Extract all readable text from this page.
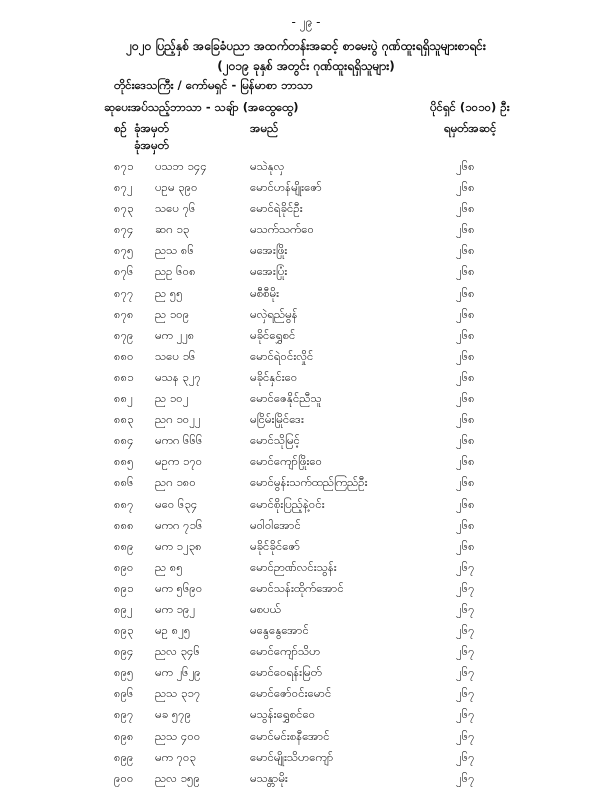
- ၂၉ -
၂၀၂၀ ပြည့်နှစ် အခြေခံပညာ အထက်တန်းအဆင့် စာမေးပွဲ ဂုဏ်ထူးရရှိသူများစာရင်း
(၂၀၁၉ ခုနှစ် အတွင်း ဂုဏ်ထူးရရှိသူများ)
တိုင်းဒေသကြီး / ကော်မရှင် - မြန်မာစာ ဘာသာ
ဆုပေးအပ်သည့်ဘာသာ - သချ်ာ (အထွေထွေ)	ပိုင်ရှင် (၁၀၁၀) ဦး
စဉ် ခုံအမှတ်
ခုံအမှတ်
အမည်	ရမှတ်အဆင့်
၈၇၁ ပသဘ ၁၄၄	မသဲနုလှ	၂၆၈
၈၇၂ ပဥမ ၃၉၀	မောင်ဟန်မျိုးဇော်	၂၆၈
၈၇၃ သပေ ၇၆	မောင်ရဲခိုင်ဦး	၂၆၈
၈၇၄ ဆဂ ၁၃	မသက်သက်ဝေ	၂၆၈
၈၇၅ ညသ ၈၆	မအေးဖြိုး	၂၆၈
၈၇၆ ညဥ ၆၀၈	မအေးပြုံး	၂၆၈
၈၇၇ ည ၅၅	မစီစီမိုး	၂၆၈
၈၇၈ ည ၁၀၉	မလှဲရည်မွန်	၂၆၈
၈၇၉ မက ၂၂၈	မခိုင်ရွှေစင်	၂၆၈
၈၈၀ သပေ ၁၆	မောင်ရဲဝင်းလှိုင်	၂၆၈
၈၈၁ မသန ၃၂၇	မခိုင်နှင်းဝေ	၂၆၈
၈၈၂ ည ၁၀၂	မောင်ဇေနိုင်ညီသူ	၂၆၈
၈၈၃ ညဂ ၁၀၂၂	မငြိမ်းမြိုင်ဒေး	၂၆၈
၈၈၄ မကဂ ၆၆၆	မောင်သိုမြင့်	၂၆၈
၈၈၅ မဥက ၁၇၀	မောင်ကျော်ဖြိုးဝေ	၂၆၈
၈၈၆ ညဂ ၁၈၀	မောင်မွန်းသက်ထည်ကြည်ဦး	၂၆၈
၈၈၇ မဝေ ၆၃၄	မောင်စိုးပြည့်နဲ့ဝင်း	၂၆၈
၈၈၈ မကဂ ၇၁၆	မဝါဝါအောင်	၂၆၈
၈၈၉ မက ၁၂၃၈	မခိုင်ခိုင်ဇော်	၂၆၈
၈၉၀ ည ၈၅	မောင်ဉာဏ်လင်းသွန်း	၂၆၇
၈၉၁ မက ၅၆၉၀	မောင်သန်းထိုက်အောင်	၂၆၇
၈၉၂ မက ၁၉၂	မစပယ်	၂၆၇
၈၉၃ မဥ ၈၂၅	မနွေနွေအောင်	၂၆၇
၈၉၄ ညလ ၃၄၆	မောင်ကျော်သိဟ	၂၆၇
၈၉၅ မက ၂၆၂၉	မောင်ဝေရန်းမြတ်	၂၆၇
၈၉၆ ညသ ၃၁၇	မောင်ဇော်ဝင်းမောင်	၂၆၇
၈၉၇ မခ ၅၇၉	မသွန်းရွှေစင်ဝေ	၂၆၇
၈၉၈ ညသ ၄၀၀	မောင်မင်းစနီအောင်	၂၆၇
၈၉၉ မက ၇၀၃	မောင်မျိုးသိဟကျော်	၂၆၇
၉၀၀ ညလ ၁၅၉	မသန္တာမိုး	၂၆၇
